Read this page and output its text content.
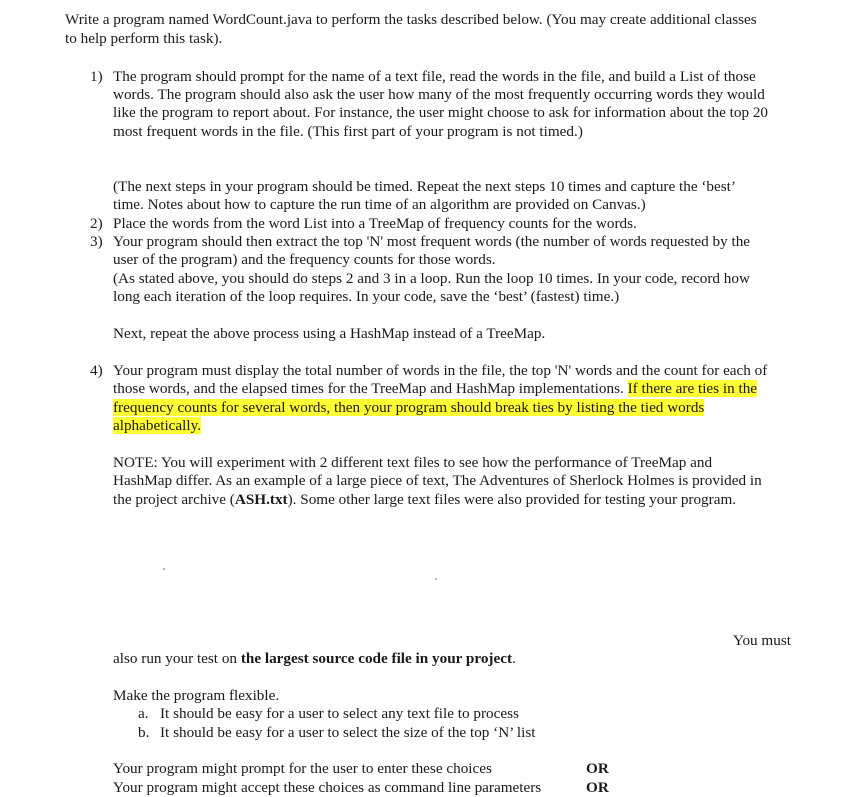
Write a program named WordCount.java to perform the tasks described below. (You may create additional classes
to help perform this task).
1) The program should prompt for the name of a text file, read the words in the file, and build a List of those
words. The program should also ask the user how many of the most frequently occurring words they would
like the program to report about. For instance, the user might choose to ask for information about the top 20
most frequent words in the file. (This first part of your program is not timed.)
(The next steps in your program should be timed. Repeat the next steps 10 times and capture the ‘best’
time. Notes about how to capture the run time of an algorithm are provided on Canvas.)
2) Place the words from the word List into a TreeMap of frequency counts for the words.
3) Your program should then extract the top 'N' most frequent words (the number of words requested by the
user of the program) and the frequency counts for those words.
(As stated above, you should do steps 2 and 3 in a loop. Run the loop 10 times. In your code, record how
long each iteration of the loop requires. In your code, save the ‘best’ (fastest) time.)
Next, repeat the above process using a HashMap instead of a TreeMap.
4) Your program must display the total number of words in the file, the top 'N' words and the count for each of
those words, and the elapsed times for the TreeMap and HashMap implementations. If there are ties in the
frequency counts for several words, then your program should break ties by listing the tied words
alphabetically.
NOTE: You will experiment with 2 different text files to see how the performance of TreeMap and
HashMap differ. As an example of a large piece of text, The Adventures of Sherlock Holmes is provided in
the project archive (ASH.txt). Some other large text files were also provided for testing your program.
You must
also run your test on the largest source code file in your project.
Make the program flexible.
a. It should be easy for a user to select any text file to process
b. It should be easy for a user to select the size of the top ‘N’ list
Your program might prompt for the user to enter these choices	OR
Your program might accept these choices as command line parameters	OR
